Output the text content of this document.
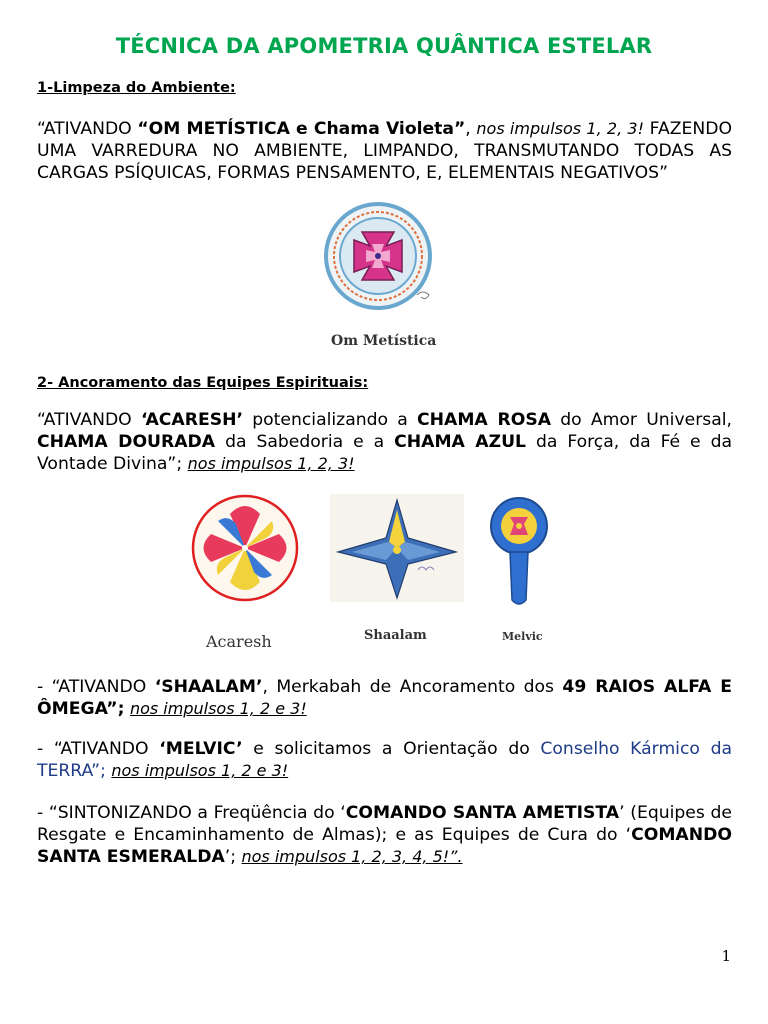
TÉCNICA DA APOMETRIA QUÂNTICA ESTELAR
1-Limpeza do Ambiente:
“ATIVANDO “OM METÍSTICA e Chama Violeta”, nos impulsos 1, 2, 3! FAZENDO UMA VARREDURA NO AMBIENTE, LIMPANDO, TRANSMUTANDO TODAS AS CARGAS PSÍQUICAS, FORMAS PENSAMENTO, E, ELEMENTAIS NEGATIVOS”
Om Metística
2- Ancoramento das Equipes Espirituais:
“ATIVANDO ‘ACARESH’ potencializando a CHAMA ROSA do Amor Universal, CHAMA DOURADA da Sabedoria e a CHAMA AZUL da Força, da Fé e da Vontade Divina”; nos impulsos 1, 2, 3!
Acaresh	Shaalam	Melvic
- “ATIVANDO ‘SHAALAM’, Merkabah de Ancoramento dos 49 RAIOS ALFA E ÔMEGA”; nos impulsos 1, 2 e 3!
- “ATIVANDO ‘MELVIC’ e solicitamos a Orientação do Conselho Kármico da TERRA”; nos impulsos 1, 2 e 3!
- “SINTONIZANDO a Freqüência do ‘COMANDO SANTA AMETISTA’ (Equipes de Resgate e Encaminhamento de Almas); e as Equipes de Cura do ‘COMANDO SANTA ESMERALDA’; nos impulsos 1, 2, 3, 4, 5!”.
1
